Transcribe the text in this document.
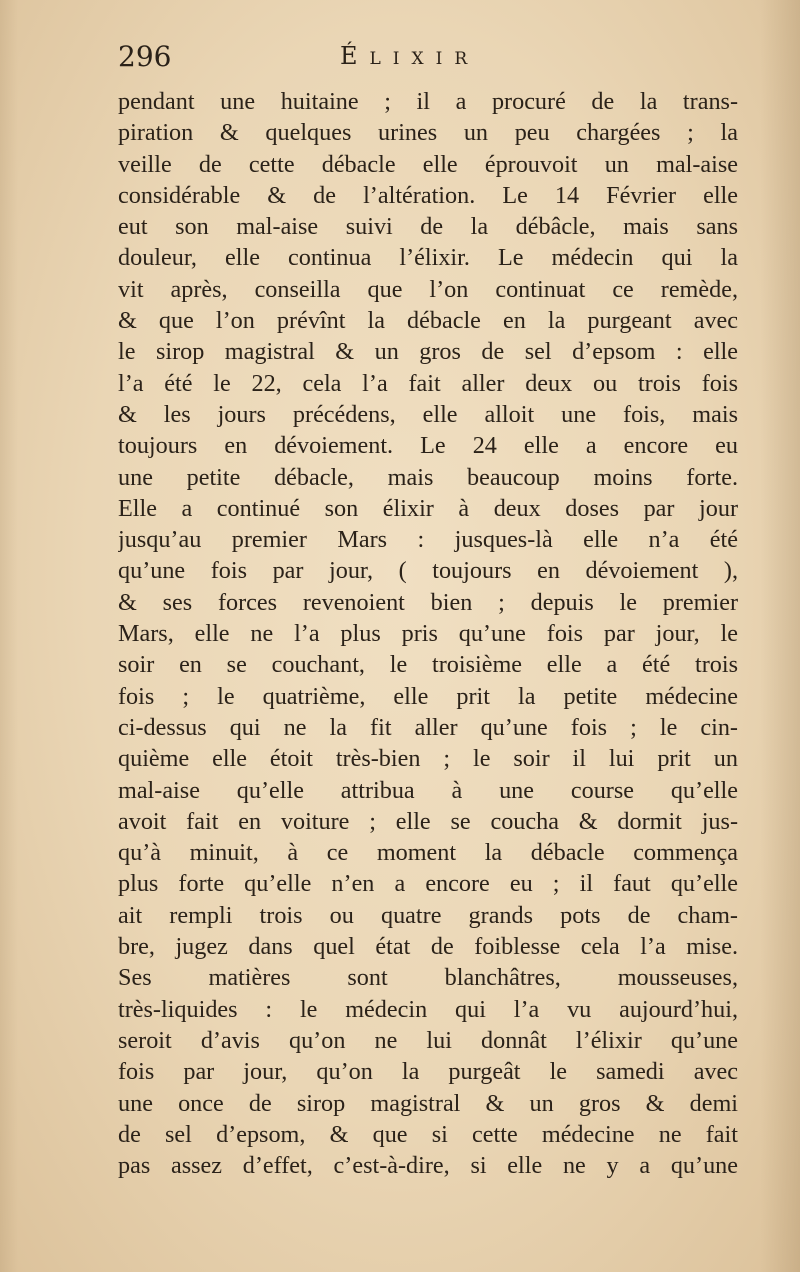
296	Élixir
pendant une huitaine ; il a procuré de la trans-
piration & quelques urines un peu chargées ; la
veille de cette débacle elle éprouvoit un mal-aise
considérable & de l’altération. Le 14 Février elle
eut son mal-aise suivi de la débâcle, mais sans
douleur, elle continua l’élixir. Le médecin qui la
vit après, conseilla que l’on continuat ce remède,
& que l’on prévînt la débacle en la purgeant avec
le sirop magistral & un gros de sel d’epsom : elle
l’a été le 22, cela l’a fait aller deux ou trois fois
& les jours précédens, elle alloit une fois, mais
toujours en dévoiement. Le 24 elle a encore eu
une petite débacle, mais beaucoup moins forte.
Elle a continué son élixir à deux doses par jour
jusqu’au premier Mars : jusques-là elle n’a été
qu’une fois par jour, ( toujours en dévoiement ),
& ses forces revenoient bien ; depuis le premier
Mars, elle ne l’a plus pris qu’une fois par jour, le
soir en se couchant, le troisième elle a été trois
fois ; le quatrième, elle prit la petite médecine
ci-dessus qui ne la fit aller qu’une fois ; le cin-
quième elle étoit très-bien ; le soir il lui prit un
mal-aise qu’elle attribua à une course qu’elle
avoit fait en voiture ; elle se coucha & dormit jus-
qu’à minuit, à ce moment la débacle commença
plus forte qu’elle n’en a encore eu ; il faut qu’elle
ait rempli trois ou quatre grands pots de cham-
bre, jugez dans quel état de foiblesse cela l’a mise.
Ses matières sont blanchâtres, mousseuses,
très-liquides : le médecin qui l’a vu aujourd’hui,
seroit d’avis qu’on ne lui donnât l’élixir qu’une
fois par jour, qu’on la purgeât le samedi avec
une once de sirop magistral & un gros & demi
de sel d’epsom, & que si cette médecine ne fait
pas assez d’effet, c’est-à-dire, si elle ne y a qu’une
